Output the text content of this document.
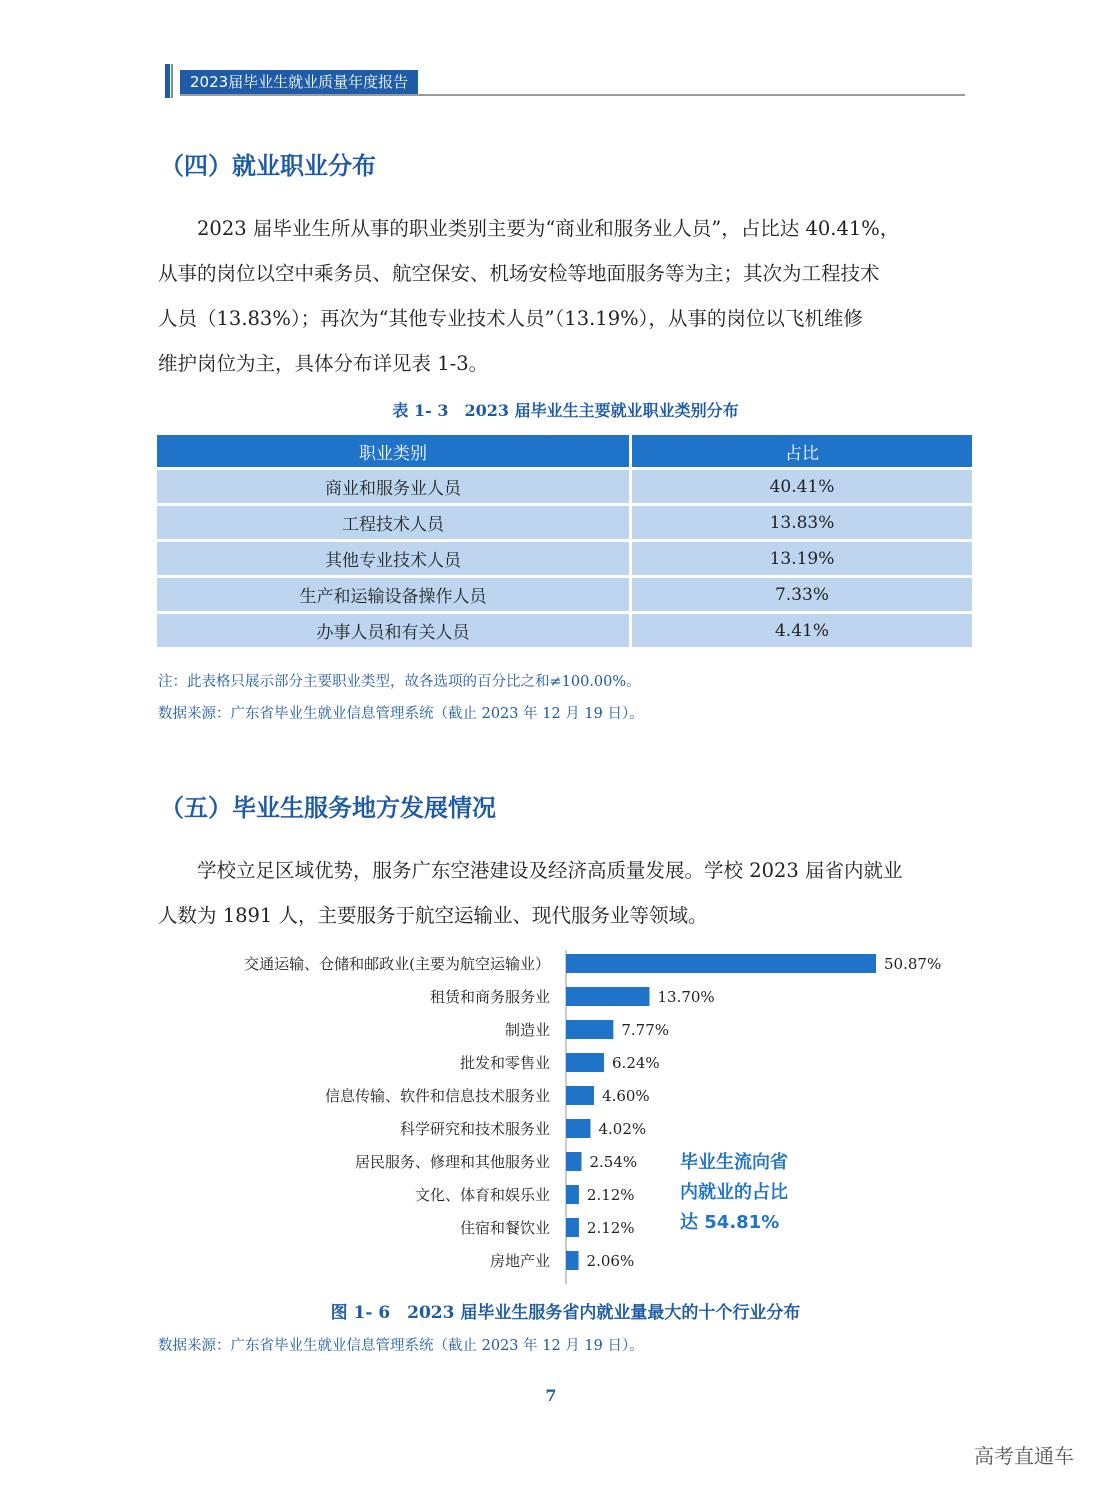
2023届毕业生就业质量年度报告
（四）就业职业分布
　　2023 届毕业生所从事的职业类别主要为“商业和服务业人员”，占比达 40.41%，
从事的岗位以空中乘务员、航空保安、机场安检等地面服务等为主；其次为工程技术
人员（13.83%）；再次为“其他专业技术人员”（13.19%），从事的岗位以飞机维修
维护岗位为主，具体分布详见表 1-3。
表 1- 3　2023 届毕业生主要就业职业类别分布
职业类别	占比
商业和服务业人员	40.41%
工程技术人员	13.83%
其他专业技术人员	13.19%
生产和运输设备操作人员	7.33%
办事人员和有关人员	4.41%
注：此表格只展示部分主要职业类型，故各选项的百分比之和≠100.00%。
数据来源：广东省毕业生就业信息管理系统（截止 2023 年 12 月 19 日）。
（五）毕业生服务地方发展情况
　　学校立足区域优势，服务广东空港建设及经济高质量发展。学校 2023 届省内就业
人数为 1891 人，主要服务于航空运输业、现代服务业等领域。
交通运输、仓储和邮政业(主要为航空运输业）	50.87%
租赁和商务服务业	13.70%
制造业	7.77%
批发和零售业	6.24%
信息传输、软件和信息技术服务业	4.60%
科学研究和技术服务业	4.02%
居民服务、修理和其他服务业	2.54%
文化、体育和娱乐业 2.12%
住宿和餐饮业 2.12%
房地产业 2.06%
毕业生流向省
内就业的占比
达 54.81%
图 1- 6　2023 届毕业生服务省内就业量最大的十个行业分布
数据来源：广东省毕业生就业信息管理系统（截止 2023 年 12 月 19 日）。
7
高考直通车
